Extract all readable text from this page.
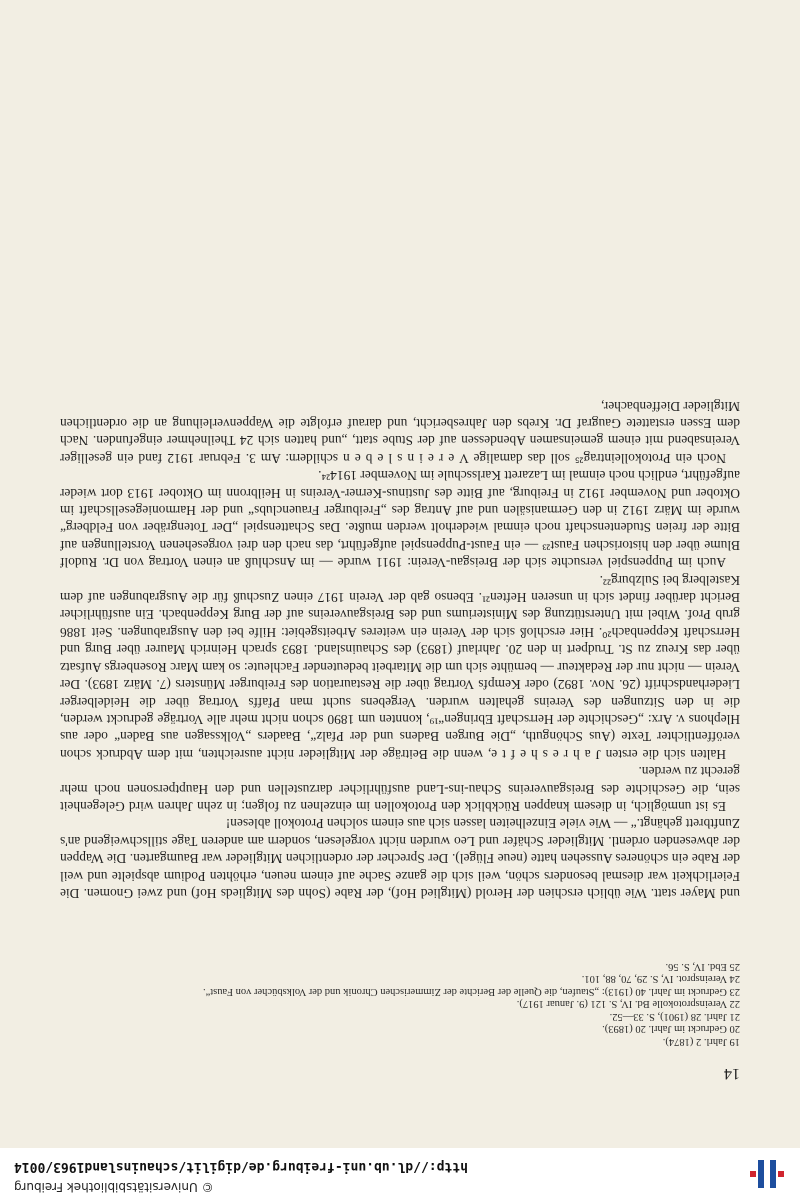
© Universitätsbibliothek Freiburg
http://dl.ub.uni-freiburg.de/digilit/schauinsland1963/0014

und Mayer statt. Wie üblich erschien der Herold (Mitglied Hof), der Rabe (Sohn des Mitglieds Hof) und zwei Gnomen. Die Feierlichkeit war diesmal besonders schön, weil sich die ganze Sache auf einem neuen, erhöhten Podium abspielte und weil der Rabe ein schöneres Aussehen hatte (neue Flügel). Der Sprecher der ordentlichen Mitglieder war Baumgarten. Die Wappen der abwesenden ordentl. Mitglieder Schäfer und Leo wurden nicht vorgelesen, sondern am anderen Tage stillschweigend an's Zunftbrett gehängt.“ — Wie viele Einzelheiten lassen sich aus einem solchen Protokoll ablesen!

Es ist unmöglich, in diesem knappen Rückblick den Protokollen im einzelnen zu folgen; in zehn Jahren wird Gelegenheit sein, die Geschichte des Breisgauvereins Schau-ins-Land ausführlicher darzustellen und den Hauptpersonen noch mehr gerecht zu werden.

Halten sich die ersten J a h r e s h e f t e, wenn die Beiträge der Mitglieder nicht ausreichten, mit dem Abdruck schon veröffentlichter Texte (Aus Schönguth, „Die Burgen Badens und der Pfalz“, Baaders „Volkssagen aus Baden“ oder aus Hlephons v. Arx: „Geschichte der Herrschaft Ebringen“¹⁹, konnten um 1890 schon nicht mehr alle Vorträge gedruckt werden, die in den Sitzungen des Vereins gehalten wurden. Vergebens sucht man Pfaffs Vortrag über die Heidelberger Liederhandschrift (26. Nov. 1892) oder Kempfs Vortrag über die Restauration des Freiburger Münsters (7. März 1893). Der Verein — nicht nur der Redakteur — bemühte sich um die Mitarbeit bedeutender Fachleute: so kam Marc Rosenbergs Aufsatz über das Kreuz zu St. Trudpert in den 20. Jahrlauf (1893) des Schauinsland. 1893 sprach Heinrich Maurer über Burg und Herrschaft Keppenbach²⁰. Hier erschloß sich der Verein ein weiteres Arbeitsgebiet: Hilfe bei den Ausgrabungen. Seit 1886 grub Prof. Wibel mit Unterstützung des Ministeriums und des Breisgauvereins auf der Burg Keppenbach. Ein ausführlicher Bericht darüber findet sich in unseren Heften²¹. Ebenso gab der Verein 1917 einen Zuschuß für die Ausgrabungen auf dem Kastelberg bei Sulzburg²².

Auch im Puppenspiel versuchte sich der Breisgau-Verein: 1911 wurde — im Anschluß an einen Vortrag von Dr. Rudolf Blume über den historischen Faust²³ — ein Faust-Puppenspiel aufgeführt, das nach den drei vorgesehenen Vorstellungen auf Bitte der freien Studentenschaft noch einmal wiederholt werden mußte. Das Schattenspiel „Der Totengräber von Feldberg“ wurde im März 1912 in den Germanisälen und auf Antrag des „Freiburger Frauenclubs“ und der Harmoniegesellschaft im Oktober und November 1912 in Freiburg, auf Bitte des Justinus-Kerner-Vereins in Heilbronn im Oktober 1913 dort wieder aufgeführt, endlich noch einmal im Lazarett Karlsschule im November 1914²⁴.

Noch ein Protokolleintrag²⁵ soll das damalige V e r e i n s l e b e n schildern: Am 3. Februar 1912 fand ein geselliger Vereinsabend mit einem gemeinsamen Abendessen auf der Stube statt, „und hatten sich 24 Theilnehmer eingefunden. Nach dem Essen erstattete Gaugraf Dr. Krebs den Jahresbericht, und darauf erfolgte die Wappenverleihung an die ordentlichen Mitglieder Dieffenbacher,

19 Jahrl. 2 (1874).
20 Gedruckt im Jahrl. 20 (1893).
21 Jahrl. 28 (1901), S. 33—52.
22 Vereinsprotokolle Bd. IV, S. 121 (9. Januar 1917).
23 Gedruckt im Jahrl. 40 (1913): „Staufen, die Quelle der Berichte der Zimmerischen Chronik und der Volksbücher von Faust“.
24 Vereinsprot. IV, S. 29, 70, 88, 101.
25 Ebd. IV, S. 56.
14
